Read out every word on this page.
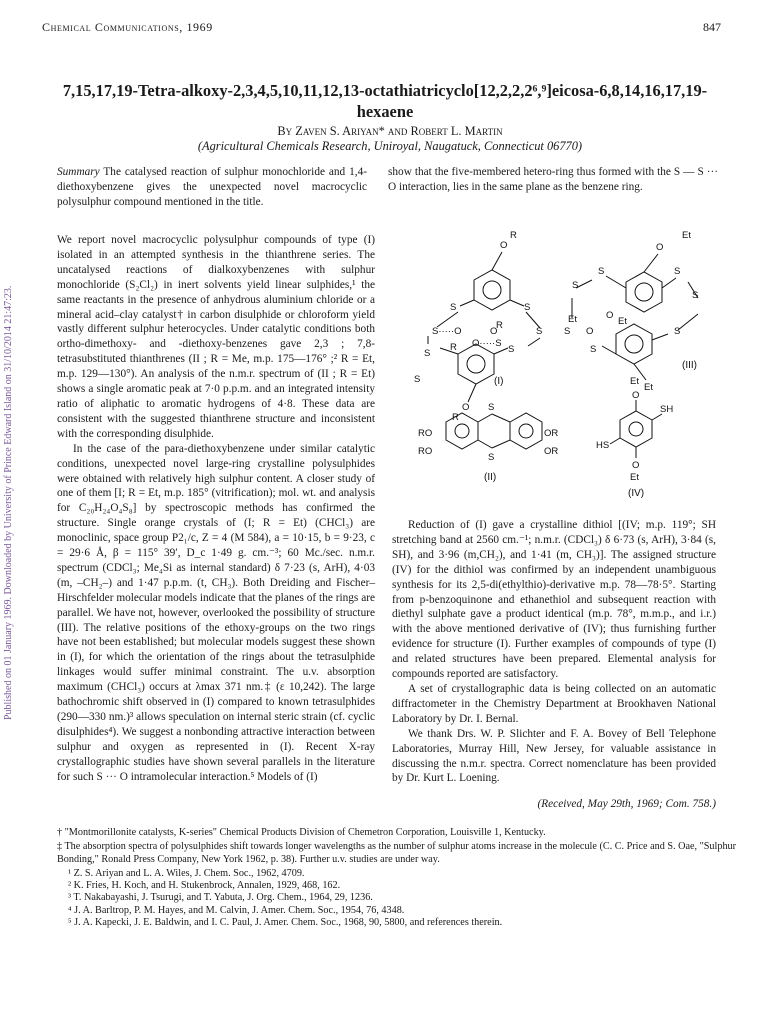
Chemical Communications, 1969	847
Published on 01 January 1969. Downloaded by University of Prince Edward Island on 31/10/2014 21:47:23.
7,15,17,19-Tetra-alkoxy-2,3,4,5,10,11,12,13-octathiatricyclo[12,2,2,2⁶,⁹]eicosa-6,8,14,16,17,19-hexaene
By Zaven S. Ariyan* and Robert L. Martin
(Agricultural Chemicals Research, Uniroyal, Naugatuck, Connecticut 06770)
Summary The catalysed reaction of sulphur monochloride and 1,4-diethoxybenzene gives the unexpected novel macrocyclic polysulphur compound mentioned in the title.
show that the five-membered hetero-ring thus formed with the S — S ··· O interaction, lies in the same plane as the benzene ring.

We report novel macrocyclic polysulphur compounds of type (I) isolated in an attempted synthesis in the thianthrene series. The uncatalysed reactions of dialkoxybenzenes with sulphur monochloride (S₂Cl₂) in inert solvents yield linear sulphides,¹ the same reactants in the presence of anhydrous aluminium chloride or a mineral acid–clay catalyst† in carbon disulphide or chloroform yield vastly different sulphur heterocycles. Under catalytic conditions both ortho-dimethoxy- and -diethoxy-benzenes gave 2,3 ; 7,8-tetrasubstituted thianthrenes (II ; R = Me, m.p. 175—176° ;² R = Et, m.p. 129—130°). An analysis of the n.m.r. spectrum of (II ; R = Et) shows a single aromatic peak at 7·0 p.p.m. and an integrated intensity ratio of aliphatic to aromatic hydrogens of 4·8. These data are consistent with the suggested thianthrene structure and inconsistent with the corresponding disulphide.

In the case of the para-diethoxybenzene under similar catalytic conditions, unexpected novel large-ring crystalline polysulphides were obtained with relatively high sulphur content. A closer study of one of them [I; R = Et, m.p. 185° (vitrification); mol. wt. and analysis for C₂₀H₂₄O₄S₈] by spectroscopic methods has confirmed the structure. Single orange crystals of (I; R = Et) (CHCl₃) are monoclinic, space group P2₁/c, Z = 4 (M 584), a = 10·15, b = 9·23, c = 29·6 Å, β = 115° 39′, D_c 1·49 g. cm.⁻³; 60 Mc./sec. n.m.r. spectrum (CDCl₃; Me₄Si as internal standard) δ 7·23 (s, ArH), 4·03 (m, –CH₂–) and 1·47 p.p.m. (t, CH₃). Both Dreiding and Fischer–Hirschfelder molecular models indicate that the planes of the rings are parallel. We have not, however, overlooked the possibility of structure (III). The relative positions of the ethoxy-groups on the two rings have not been established; but molecular models suggest these shown in (I), for which the orientation of the rings about the tetrasulphide linkages would suffer minimal constraint. The u.v. absorption maximum (CHCl₃) occurs at λmax 371 nm.‡ (ε 10,242). The large bathochromic shift observed in (I) compared to known tetrasulphides (290—330 nm.)³ allows speculation on internal steric strain (cf. cyclic disulphides⁴). We suggest a nonbonding attractive interaction between sulphur and oxygen as represented in (I). Recent X-ray crystallographic studies have shown several parallels in the literature for such S ··· O intramolecular interaction.⁵ Models of (I)

O
R
S	S
S·····O	S
R
O
R
O·····S
S
S
S
O
R
(I)
O
Et
S
S
S
S
Et
S O
O
Et
S
S
Et
(III)
RO
RO
S
S
OR
OR
(II)
Et
O
SH
HS
O
Et
(IV)

Reduction of (I) gave a crystalline dithiol [(IV; m.p. 119°; SH stretching band at 2560 cm.⁻¹; n.m.r. (CDCl₃) δ 6·73 (s, ArH), 3·84 (s, SH), and 3·96 (m,CH₂), and 1·41 (m, CH₃)]. The assigned structure (IV) for the dithiol was confirmed by an independent unambiguous synthesis for its 2,5-di(ethylthio)-derivative m.p. 78—78·5°. Starting from p-benzoquinone and ethanethiol and subsequent reaction with diethyl sulphate gave a product identical (m.p. 78°, m.m.p., and i.r.) with the above mentioned derivative of (IV); thus furnishing further evidence for structure (I). Further examples of compounds of type (I) and related structures have been prepared. Elemental analysis for compounds reported are satisfactory.

A set of crystallographic data is being collected on an automatic diffractometer in the Chemistry Department at Brookhaven National Laboratory by Dr. I. Bernal.

We thank Drs. W. P. Slichter and F. A. Bovey of Bell Telephone Laboratories, Murray Hill, New Jersey, for valuable assistance in discussing the n.m.r. spectra. Correct nomenclature has been provided by Dr. Kurt L. Loening.

(Received, May 29th, 1969; Com. 758.)
† "Montmorillonite catalysts, K-series" Chemical Products Division of Chemetron Corporation, Louisville 1, Kentucky.
‡ The absorption spectra of polysulphides shift towards longer wavelengths as the number of sulphur atoms increase in the molecule (C. C. Price and S. Oae, "Sulphur Bonding," Ronald Press Company, New York 1962, p. 38). Further u.v. studies are under way.
¹ Z. S. Ariyan and L. A. Wiles, J. Chem. Soc., 1962, 4709.
² K. Fries, H. Koch, and H. Stukenbrock, Annalen, 1929, 468, 162.
³ T. Nakabayashi, J. Tsurugi, and T. Yabuta, J. Org. Chem., 1964, 29, 1236.
⁴ J. A. Barltrop, P. M. Hayes, and M. Calvin, J. Amer. Chem. Soc., 1954, 76, 4348.
⁵ J. A. Kapecki, J. E. Baldwin, and I. C. Paul, J. Amer. Chem. Soc., 1968, 90, 5800, and references therein.
